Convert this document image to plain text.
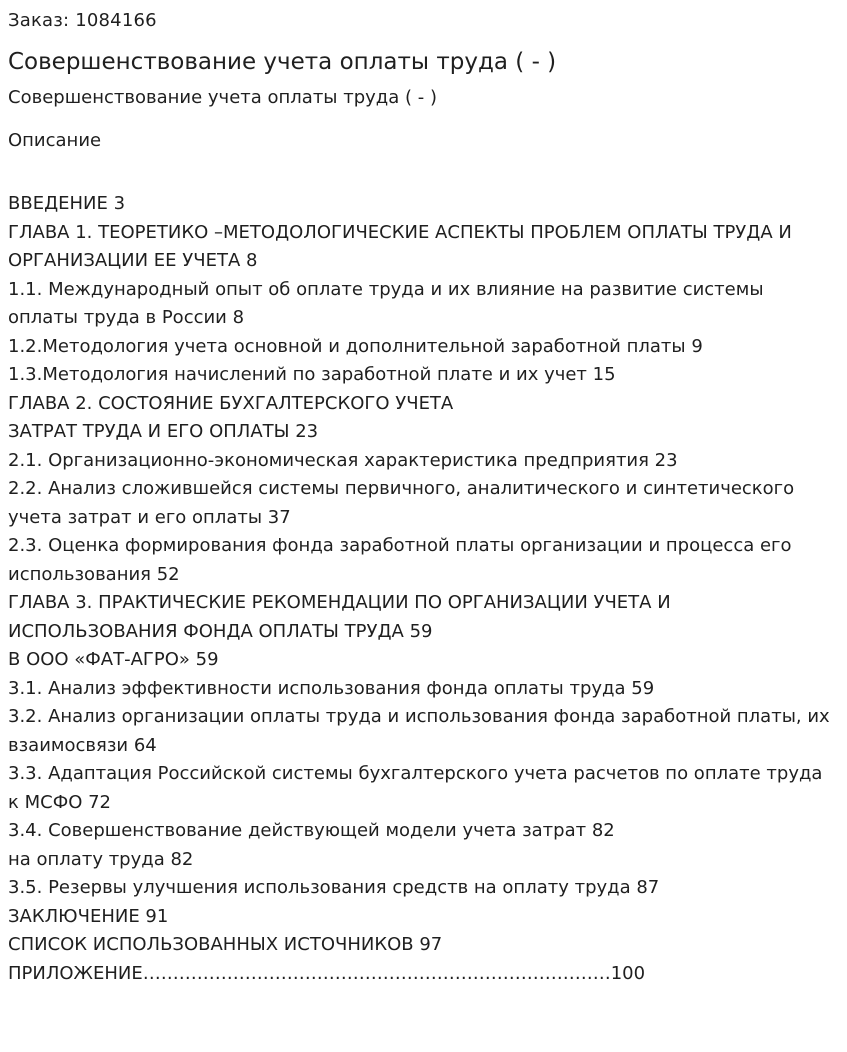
Заказ: 1084166

Совершенствование учета оплаты труда ( - )

Совершенствование учета оплаты труда ( - )

Описание

ВВЕДЕНИЕ 3
ГЛАВА 1. ТЕОРЕТИКО –МЕТОДОЛОГИЧЕСКИЕ АСПЕКТЫ ПРОБЛЕМ ОПЛАТЫ ТРУДА И ОРГАНИЗАЦИИ ЕЕ УЧЕТА 8
1.1. Международный опыт об оплате труда и их влияние на развитие системы оплаты труда в России 8
1.2.Методология учета основной и дополнительной заработной платы 9
1.3.Методология начислений по заработной плате и их учет 15
ГЛАВА 2. СОСТОЯНИЕ БУХГАЛТЕРСКОГО УЧЕТА
ЗАТРАТ ТРУДА И ЕГО ОПЛАТЫ 23
2.1. Организационно-экономическая характеристика предприятия 23
2.2. Анализ сложившейся системы первичного, аналитического и синтетического учета затрат и его оплаты 37
2.3. Оценка формирования фонда заработной платы организации и процесса его использования 52
ГЛАВА 3. ПРАКТИЧЕСКИЕ РЕКОМЕНДАЦИИ ПО ОРГАНИЗАЦИИ УЧЕТА И ИСПОЛЬЗОВАНИЯ ФОНДА ОПЛАТЫ ТРУДА 59
В ООО «ФАТ-АГРО» 59
3.1. Анализ эффективности использования фонда оплаты труда 59
3.2. Анализ организации оплаты труда и использования фонда заработной платы, их взаимосвязи 64
3.3. Адаптация Российской системы бухгалтерского учета расчетов по оплате труда к МСФО 72
3.4. Совершенствование действующей модели учета затрат 82
на оплату труда 82
3.5. Резервы улучшения использования средств на оплату труда 87
ЗАКЛЮЧЕНИЕ 91
СПИСОК ИСПОЛЬЗОВАННЫХ ИСТОЧНИКОВ 97
ПРИЛОЖЕНИЕ……………………………………………………………………100
